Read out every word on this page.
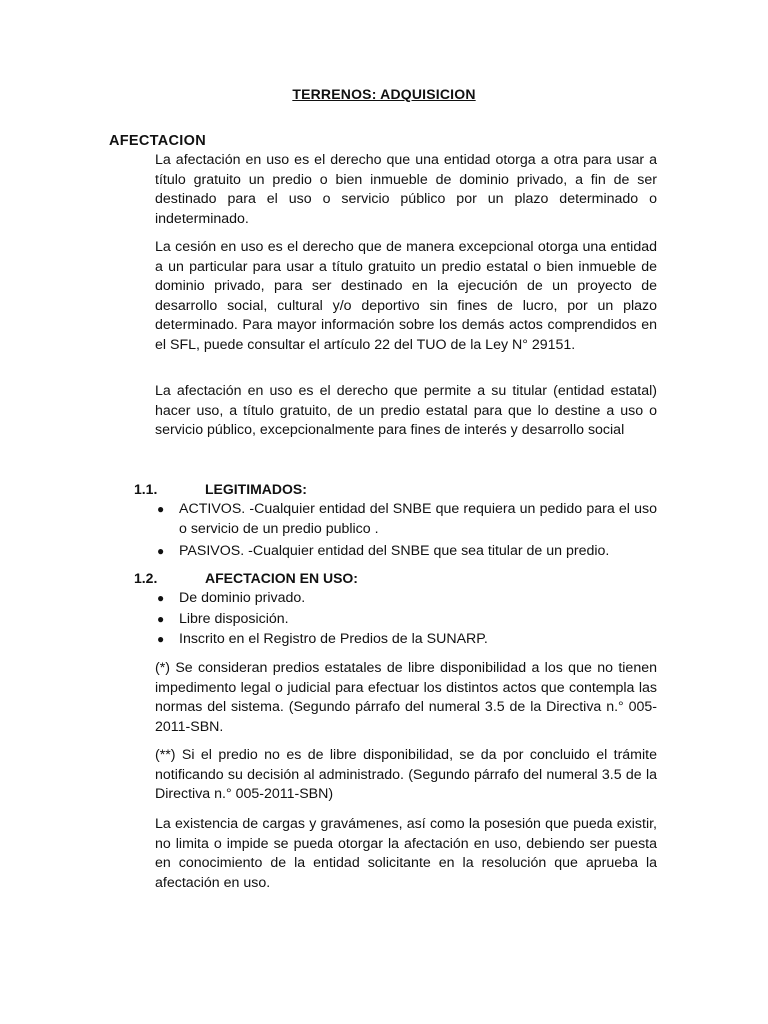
TERRENOS: ADQUISICION
AFECTACION
La afectación en uso es el derecho que una entidad otorga a otra para usar a título gratuito un predio o bien inmueble de dominio privado, a fin de ser destinado para el uso o servicio público por un plazo determinado o indeterminado.
La cesión en uso es el derecho que de manera excepcional otorga una entidad a un particular para usar a título gratuito un predio estatal o bien inmueble de dominio privado, para ser destinado en la ejecución de un proyecto de desarrollo social, cultural y/o deportivo sin fines de lucro, por un plazo determinado. Para mayor información sobre los demás actos comprendidos en el SFL, puede consultar el artículo 22 del TUO de la Ley N° 29151.
La afectación en uso es el derecho que permite a su titular (entidad estatal) hacer uso, a título gratuito, de un predio estatal para que lo destine a uso o servicio público, excepcionalmente para fines de interés y desarrollo social
1.1.	LEGITIMADOS:
● ACTIVOS. -Cualquier entidad del SNBE que requiera un pedido para el uso o servicio de un predio publico .
● PASIVOS. -Cualquier entidad del SNBE que sea titular de un predio.
1.2.	AFECTACION EN USO:
● De dominio privado.
● Libre disposición.
● Inscrito en el Registro de Predios de la SUNARP.
(*) Se consideran predios estatales de libre disponibilidad a los que no tienen impedimento legal o judicial para efectuar los distintos actos que contempla las normas del sistema. (Segundo párrafo del numeral 3.5 de la Directiva n.° 005-2011-SBN.
(**) Si el predio no es de libre disponibilidad, se da por concluido el trámite notificando su decisión al administrado. (Segundo párrafo del numeral 3.5 de la Directiva n.° 005-2011-SBN)
La existencia de cargas y gravámenes, así como la posesión que pueda existir, no limita o impide se pueda otorgar la afectación en uso, debiendo ser puesta en conocimiento de la entidad solicitante en la resolución que aprueba la afectación en uso.
